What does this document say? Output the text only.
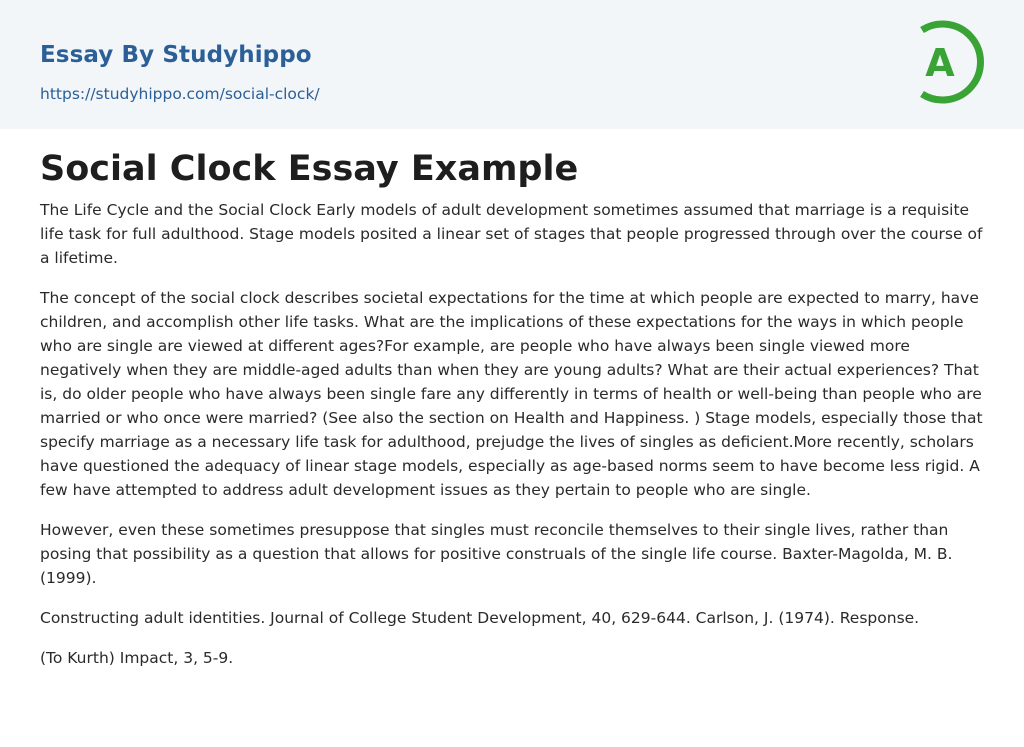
Essay By Studyhippo
https://studyhippo.com/social-clock/
A
Social Clock Essay Example

The Life Cycle and the Social Clock Early models of adult development sometimes assumed that marriage is a requisite life task for full adulthood. Stage models posited a linear set of stages that people progressed through over the course of a lifetime.

The concept of the social clock describes societal expectations for the time at which people are expected to marry, have children, and accomplish other life tasks. What are the implications of these expectations for the ways in which people who are single are viewed at different ages?For example, are people who have always been single viewed more negatively when they are middle-aged adults than when they are young adults? What are their actual experiences? That is, do older people who have always been single fare any differently in terms of health or well-being than people who are married or who once were married? (See also the section on Health and Happiness. ) Stage models, especially those that specify marriage as a necessary life task for adulthood, prejudge the lives of singles as deficient.More recently, scholars have questioned the adequacy of linear stage models, especially as age-based norms seem to have become less rigid. A few have attempted to address adult development issues as they pertain to people who are single.

However, even these sometimes presuppose that singles must reconcile themselves to their single lives, rather than posing that possibility as a question that allows for positive construals of the single life course. Baxter-Magolda, M. B. (1999).

Constructing adult identities. Journal of College Student Development, 40, 629-644. Carlson, J. (1974). Response.

(To Kurth) Impact, 3, 5-9.
